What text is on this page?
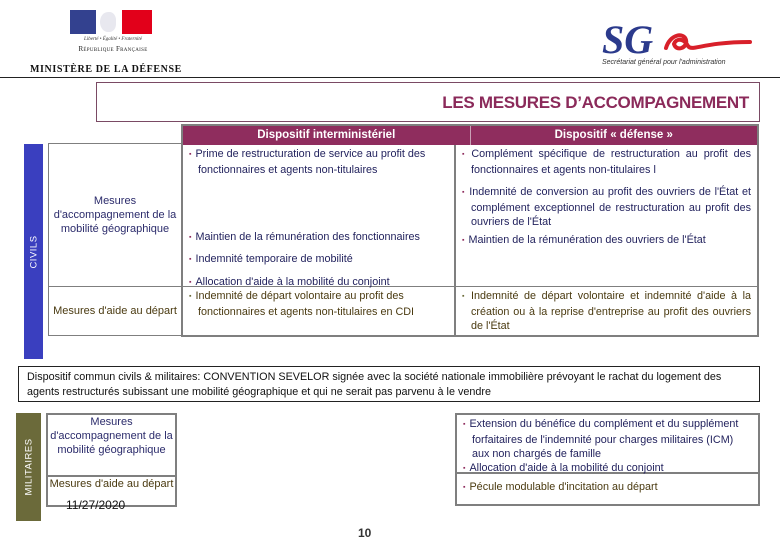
Liberté • Égalité • Fraternité
République Française
MINISTÈRE DE LA DÉFENSE
SG
Secrétariat général pour l'administration
LES MESURES D’ACCOMPAGNEMENT
CIVILS
Mesures d'accompagnement de la mobilité géographique
Mesures d'aide au départ
Dispositif interministériel	Dispositif « défense »
▪ Prime de restructuration de service au profit des fonctionnaires et agents non-titulaires
▪ Maintien de la rémunération des fonctionnaires
▪ Indemnité temporaire de mobilité
▪ Allocation d'aide à la mobilité du conjoint
▪ Complément spécifique de restructuration au profit des fonctionnaires et agents non-titulaires l
▪ Indemnité de conversion au profit des ouvriers de l'État et complément exceptionnel de restructuration au profit des ouvriers de l'État
▪ Maintien de la rémunération des ouvriers de l'État
▪ Indemnité de départ volontaire au profit des fonctionnaires et agents non-titulaires en CDI
▪ Indemnité de départ volontaire et indemnité d'aide à la création ou à la reprise d'entreprise au profit des ouvriers de l'État
Dispositif commun civils & militaires: CONVENTION SEVELOR signée avec la société nationale immobilière prévoyant le rachat du logement des agents restructurés subissant une mobilité géographique et qui ne serait pas parvenu à le vendre
MILITAIRES
Mesures d'accompagnement de la mobilité géographique
Mesures d'aide au départ
▪ Extension du bénéfice du complément et du supplément forfaitaires de l'indemnité pour charges militaires (ICM) aux non chargés de famille
▪ Allocation d'aide à la mobilité du conjoint
▪ Pécule modulable d'incitation au départ
11/27/2020
10
